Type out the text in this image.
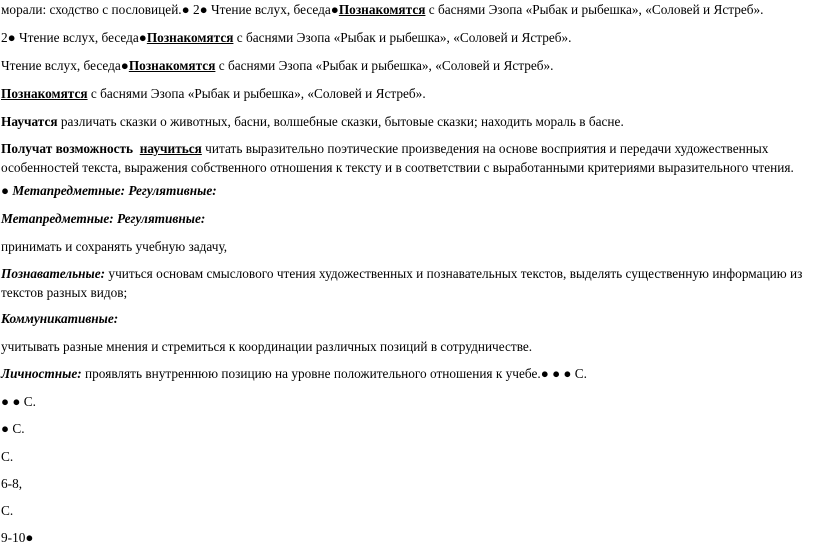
морали: сходство с пословицей.● 2● Чтение вслух, беседа●Познакомятся с баснями Эзопа «Рыбак и рыбешка», «Соловей и Ястреб».
2● Чтение вслух, беседа●Познакомятся с баснями Эзопа «Рыбак и рыбешка», «Соловей и Ястреб».
Чтение вслух, беседа●Познакомятся с баснями Эзопа «Рыбак и рыбешка», «Соловей и Ястреб».
Познакомятся с баснями Эзопа «Рыбак и рыбешка», «Соловей и Ястреб».
Научатся различать сказки о животных, басни, волшебные сказки, бытовые сказки; находить мораль в басне.
Получат возможность научиться читать выразительно поэтические произведения на основе восприятия и передачи художественных особенностей текста, выражения собственного отношения к тексту и в соответствии с выработанными критериями выразительного чтения.
● Метапредметные: Регулятивные:
Метапредметные: Регулятивные:
принимать и сохранять учебную задачу,
Познавательные: учиться основам смыслового чтения художественных и познавательных текстов, выделять существенную информацию из текстов разных видов;
Коммуникативные:
учитывать разные мнения и стремиться к координации различных позиций в сотрудничестве.
Личностные: проявлять внутреннюю позицию на уровне положительного отношения к учебе.● ● ● С.
● ● С.
● С.
С.
6-8,
С.
9-10●
